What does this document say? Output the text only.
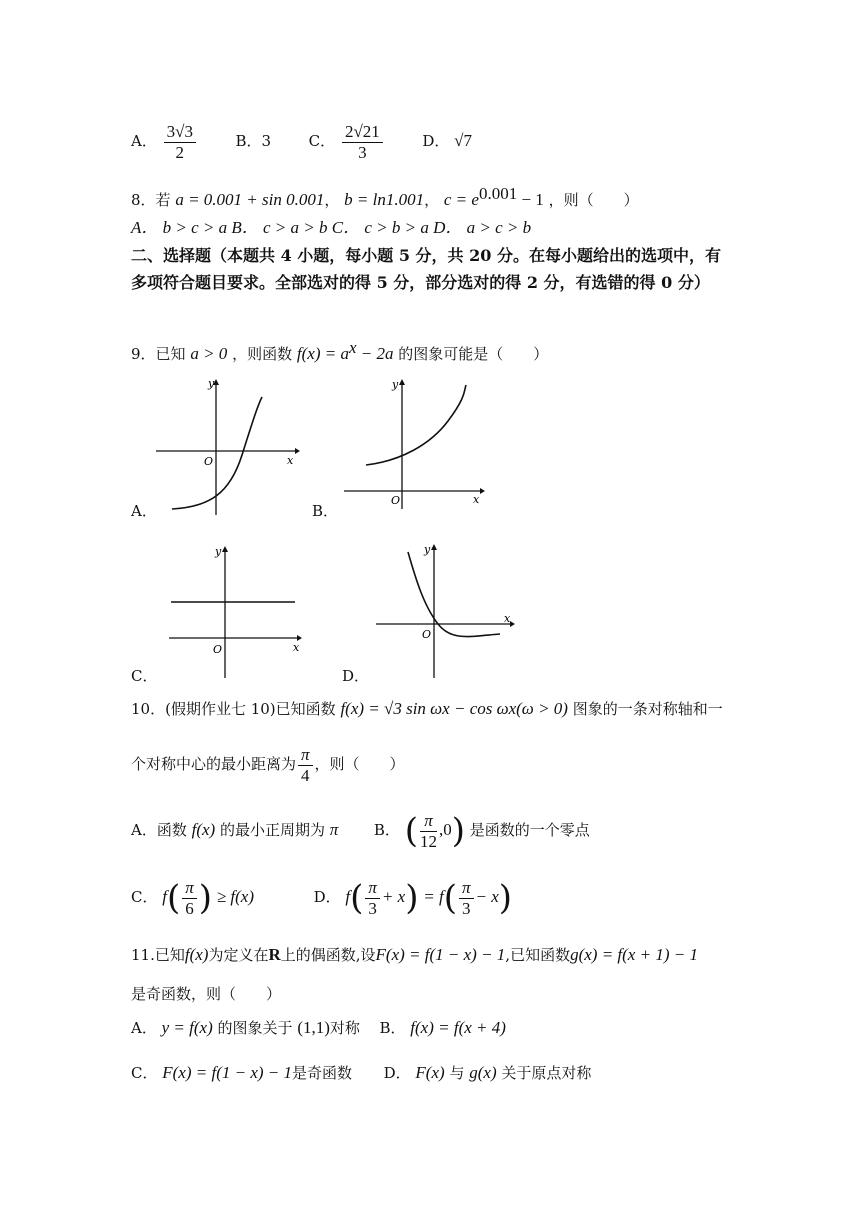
A． $\frac{3√3}{2}$	B．3	C． $\frac{2√21}{3}$	D． √7
8．若 a = 0.001 + sin 0.001， b = ln1.001， $c = e^{0.001} - 1$ ，则（　　）
A． b > c > a B． c > a > b C． c > b > a D． a > c > b
二、选择题（本题共 4 小题，每小题 5 分，共 20 分。在每小题给出的选项中，有多项符合题目要求。全部选对的得 5 分，部分选对的得 2 分，有选错的得 0 分）
9．已知 a > 0 ，则函数 $f(x) = a^x - 2a$ 的图象可能是（　　）
y
x
O
A．
y
x
O
B．
y
x
O
C．
y
x
O
D．
10．(假期作业七 10)已知函数 f(x) = √3 sin ωx − cos ωx(ω > 0) 图象的一条对称轴和一
个对称中心的最小距离为 $\frac{\pi}{4}$ ，则（　　）
A．函数 f(x) 的最小正周期为 π B． ( $\frac{\pi}{12} ,0$) 是函数的一个零点
C． $f( \frac{\pi}{6}$ ) ≥ f(x)	D． $f( \frac{\pi}{3} + x) = f( \frac{\pi}{3} - x)$
11.已知f(x)为定义在R上的偶函数,设F(x) = f(1 − x) − 1,已知函数g(x) = f(x + 1) − 1
是奇函数，则（　　）
A． y = f(x) 的图象关于 (1,1)对称 B． f(x) = f(x + 4)
C． F(x) = f(1 − x) − 1是奇函数 D． F(x) 与 g(x) 关于原点对称
